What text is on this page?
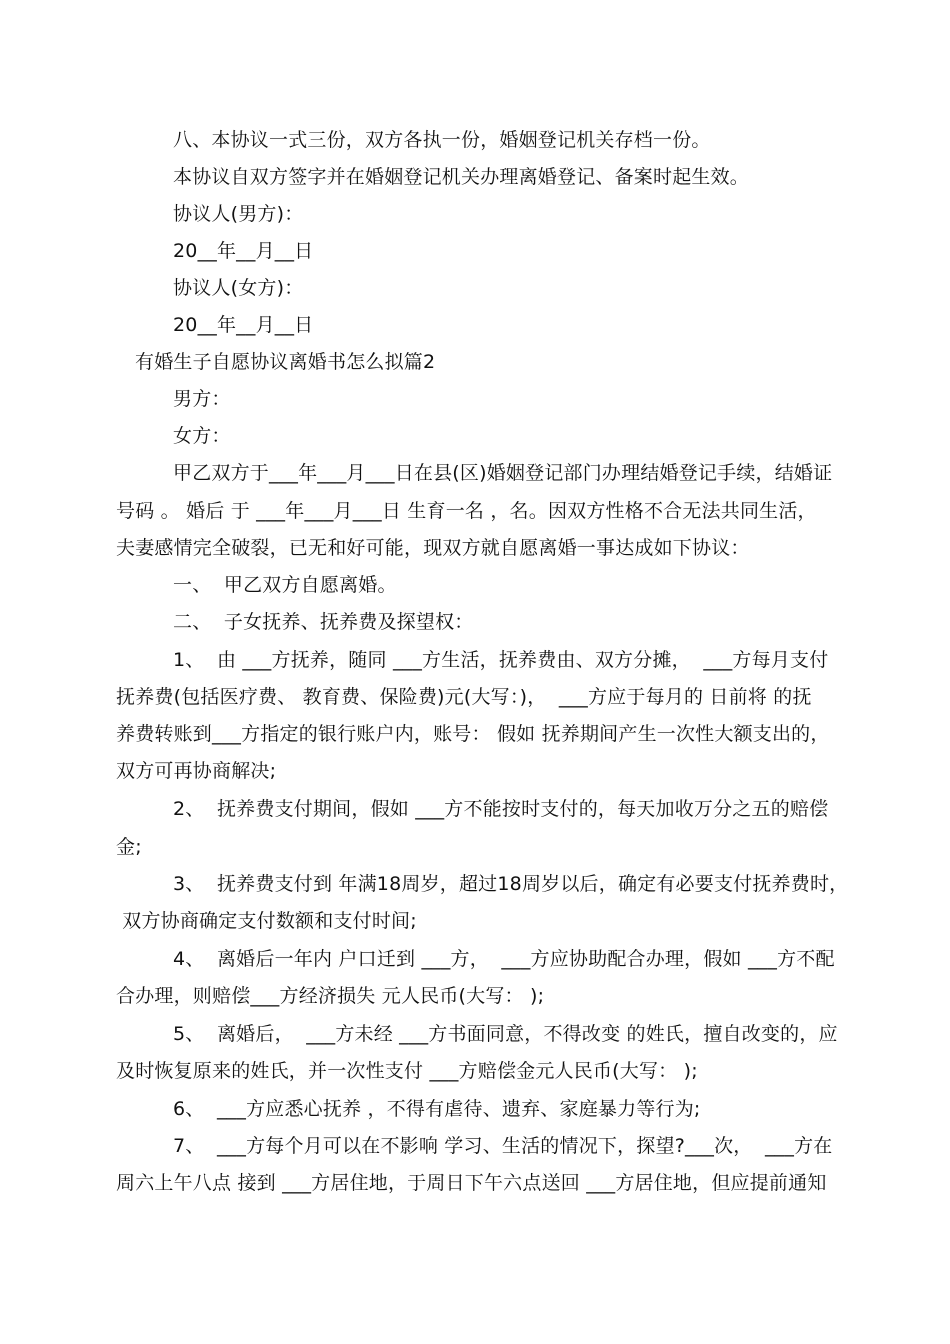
八、本协议一式三份，双方各执一份，婚姻登记机关存档一份。
本协议自双方签字并在婚姻登记机关办理离婚登记、备案时起生效。
协议人(男方)：
20__年__月__日
协议人(女方)：
20__年__月__日
有婚生子自愿协议离婚书怎么拟篇2
男方：
女方：
甲乙双方于___年___月___日在县(区)婚姻登记部门办理结婚登记手续，结婚证
号码 。 婚后 于 ___年___月___日 生育一名 ，名。因双方性格不合无法共同生活，
夫妻感情完全破裂，已无和好可能，现双方就自愿离婚一事达成如下协议：
一、  甲乙双方自愿离婚。
二、  子女抚养、抚养费及探望权：
1、  由 ___方抚养，随同 ___方生活，抚养费由、双方分摊，  ___方每月支付
抚养费(包括医疗费、 教育费、保险费)元(大写：)，  ___方应于每月的 日前将 的抚
养费转账到___方指定的银行账户内，账号： 假如 抚养期间产生一次性大额支出的，
双方可再协商解决;
2、  抚养费支付期间，假如 ___方不能按时支付的，每天加收万分之五的赔偿
金;
3、  抚养费支付到 年满18周岁，超过18周岁以后，确定有必要支付抚养费时，
双方协商确定支付数额和支付时间;
4、  离婚后一年内 户口迁到 ___方，  ___方应协助配合办理，假如 ___方不配
合办理，则赔偿___方经济损失 元人民币(大写： );
5、  离婚后，  ___方未经 ___方书面同意，不得改变 的姓氏，擅自改变的，应
及时恢复原来的姓氏，并一次性支付 ___方赔偿金元人民币(大写： );
6、  ___方应悉心抚养 ，不得有虐待、遗弃、家庭暴力等行为;
7、  ___方每个月可以在不影响 学习、生活的情况下，探望?___次，  ___方在
周六上午八点 接到 ___方居住地，于周日下午六点送回 ___方居住地，但应提前通知
